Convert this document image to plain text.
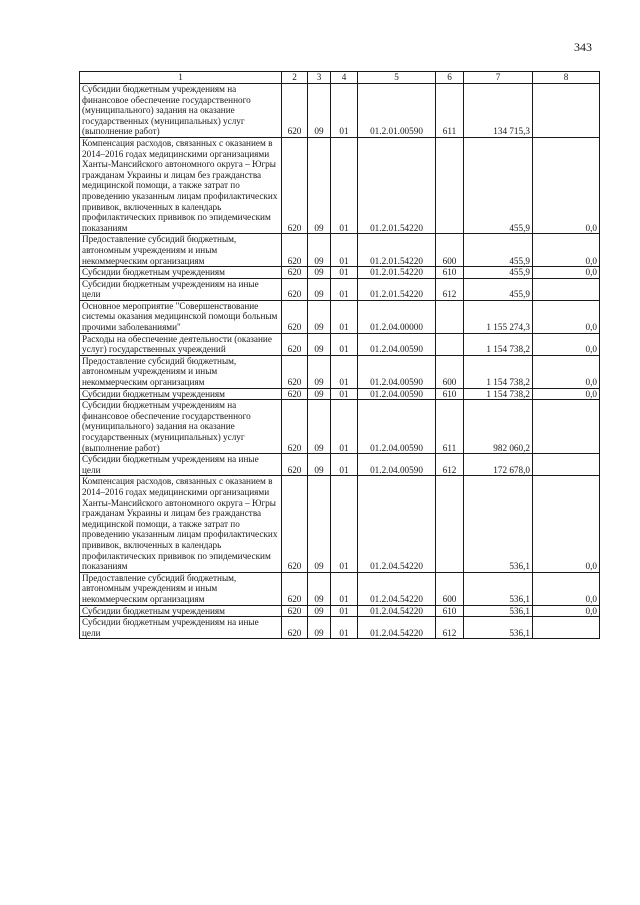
343
1	2	3	4	5	6	7	8
Субсидии бюджетным учреждениям на финансовое обеспечение государственного (муниципального) задания на оказание государственных (муниципальных) услуг (выполнение работ)	620	09	01	01.2.01.00590	611	134 715,3	
Компенсация расходов, связанных с оказанием в 2014–2016 годах медицинскими организациями Ханты-Мансийского автономного округа – Югры гражданам Украины и лицам без гражданства медицинской помощи, а также затрат по проведению указанным лицам профилактических прививок, включенных в календарь профилактических прививок по эпидемическим показаниям	620	09	01	01.2.01.54220		455,9	0,0
Предоставление субсидий бюджетным, автономным учреждениям и иным некоммерческим организациям	620	09	01	01.2.01.54220	600	455,9	0,0
Субсидии бюджетным учреждениям	620	09	01	01.2.01.54220	610	455,9	0,0
Субсидии бюджетным учреждениям на иные цели	620	09	01	01.2.01.54220	612	455,9	
Основное мероприятие "Совершенствование системы оказания медицинской помощи больным прочими заболеваниями"	620	09	01	01.2.04.00000		1 155 274,3	0,0
Расходы на обеспечение деятельности (оказание услуг) государственных учреждений	620	09	01	01.2.04.00590		1 154 738,2	0,0
Предоставление субсидий бюджетным, автономным учреждениям и иным некоммерческим организациям	620	09	01	01.2.04.00590	600	1 154 738,2	0,0
Субсидии бюджетным учреждениям	620	09	01	01.2.04.00590	610	1 154 738,2	0,0
Субсидии бюджетным учреждениям на финансовое обеспечение государственного (муниципального) задания на оказание государственных (муниципальных) услуг (выполнение работ)	620	09	01	01.2.04.00590	611	982 060,2	
Субсидии бюджетным учреждениям на иные цели	620	09	01	01.2.04.00590	612	172 678,0	
Компенсация расходов, связанных с оказанием в 2014–2016 годах медицинскими организациями Ханты-Мансийского автономного округа – Югры гражданам Украины и лицам без гражданства медицинской помощи, а также затрат по проведению указанным лицам профилактических прививок, включенных в календарь профилактических прививок по эпидемическим показаниям	620	09	01	01.2.04.54220		536,1	0,0
Предоставление субсидий бюджетным, автономным учреждениям и иным некоммерческим организациям	620	09	01	01.2.04.54220	600	536,1	0,0
Субсидии бюджетным учреждениям	620	09	01	01.2.04.54220	610	536,1	0,0
Субсидии бюджетным учреждениям на иные цели	620	09	01	01.2.04.54220	612	536,1	
